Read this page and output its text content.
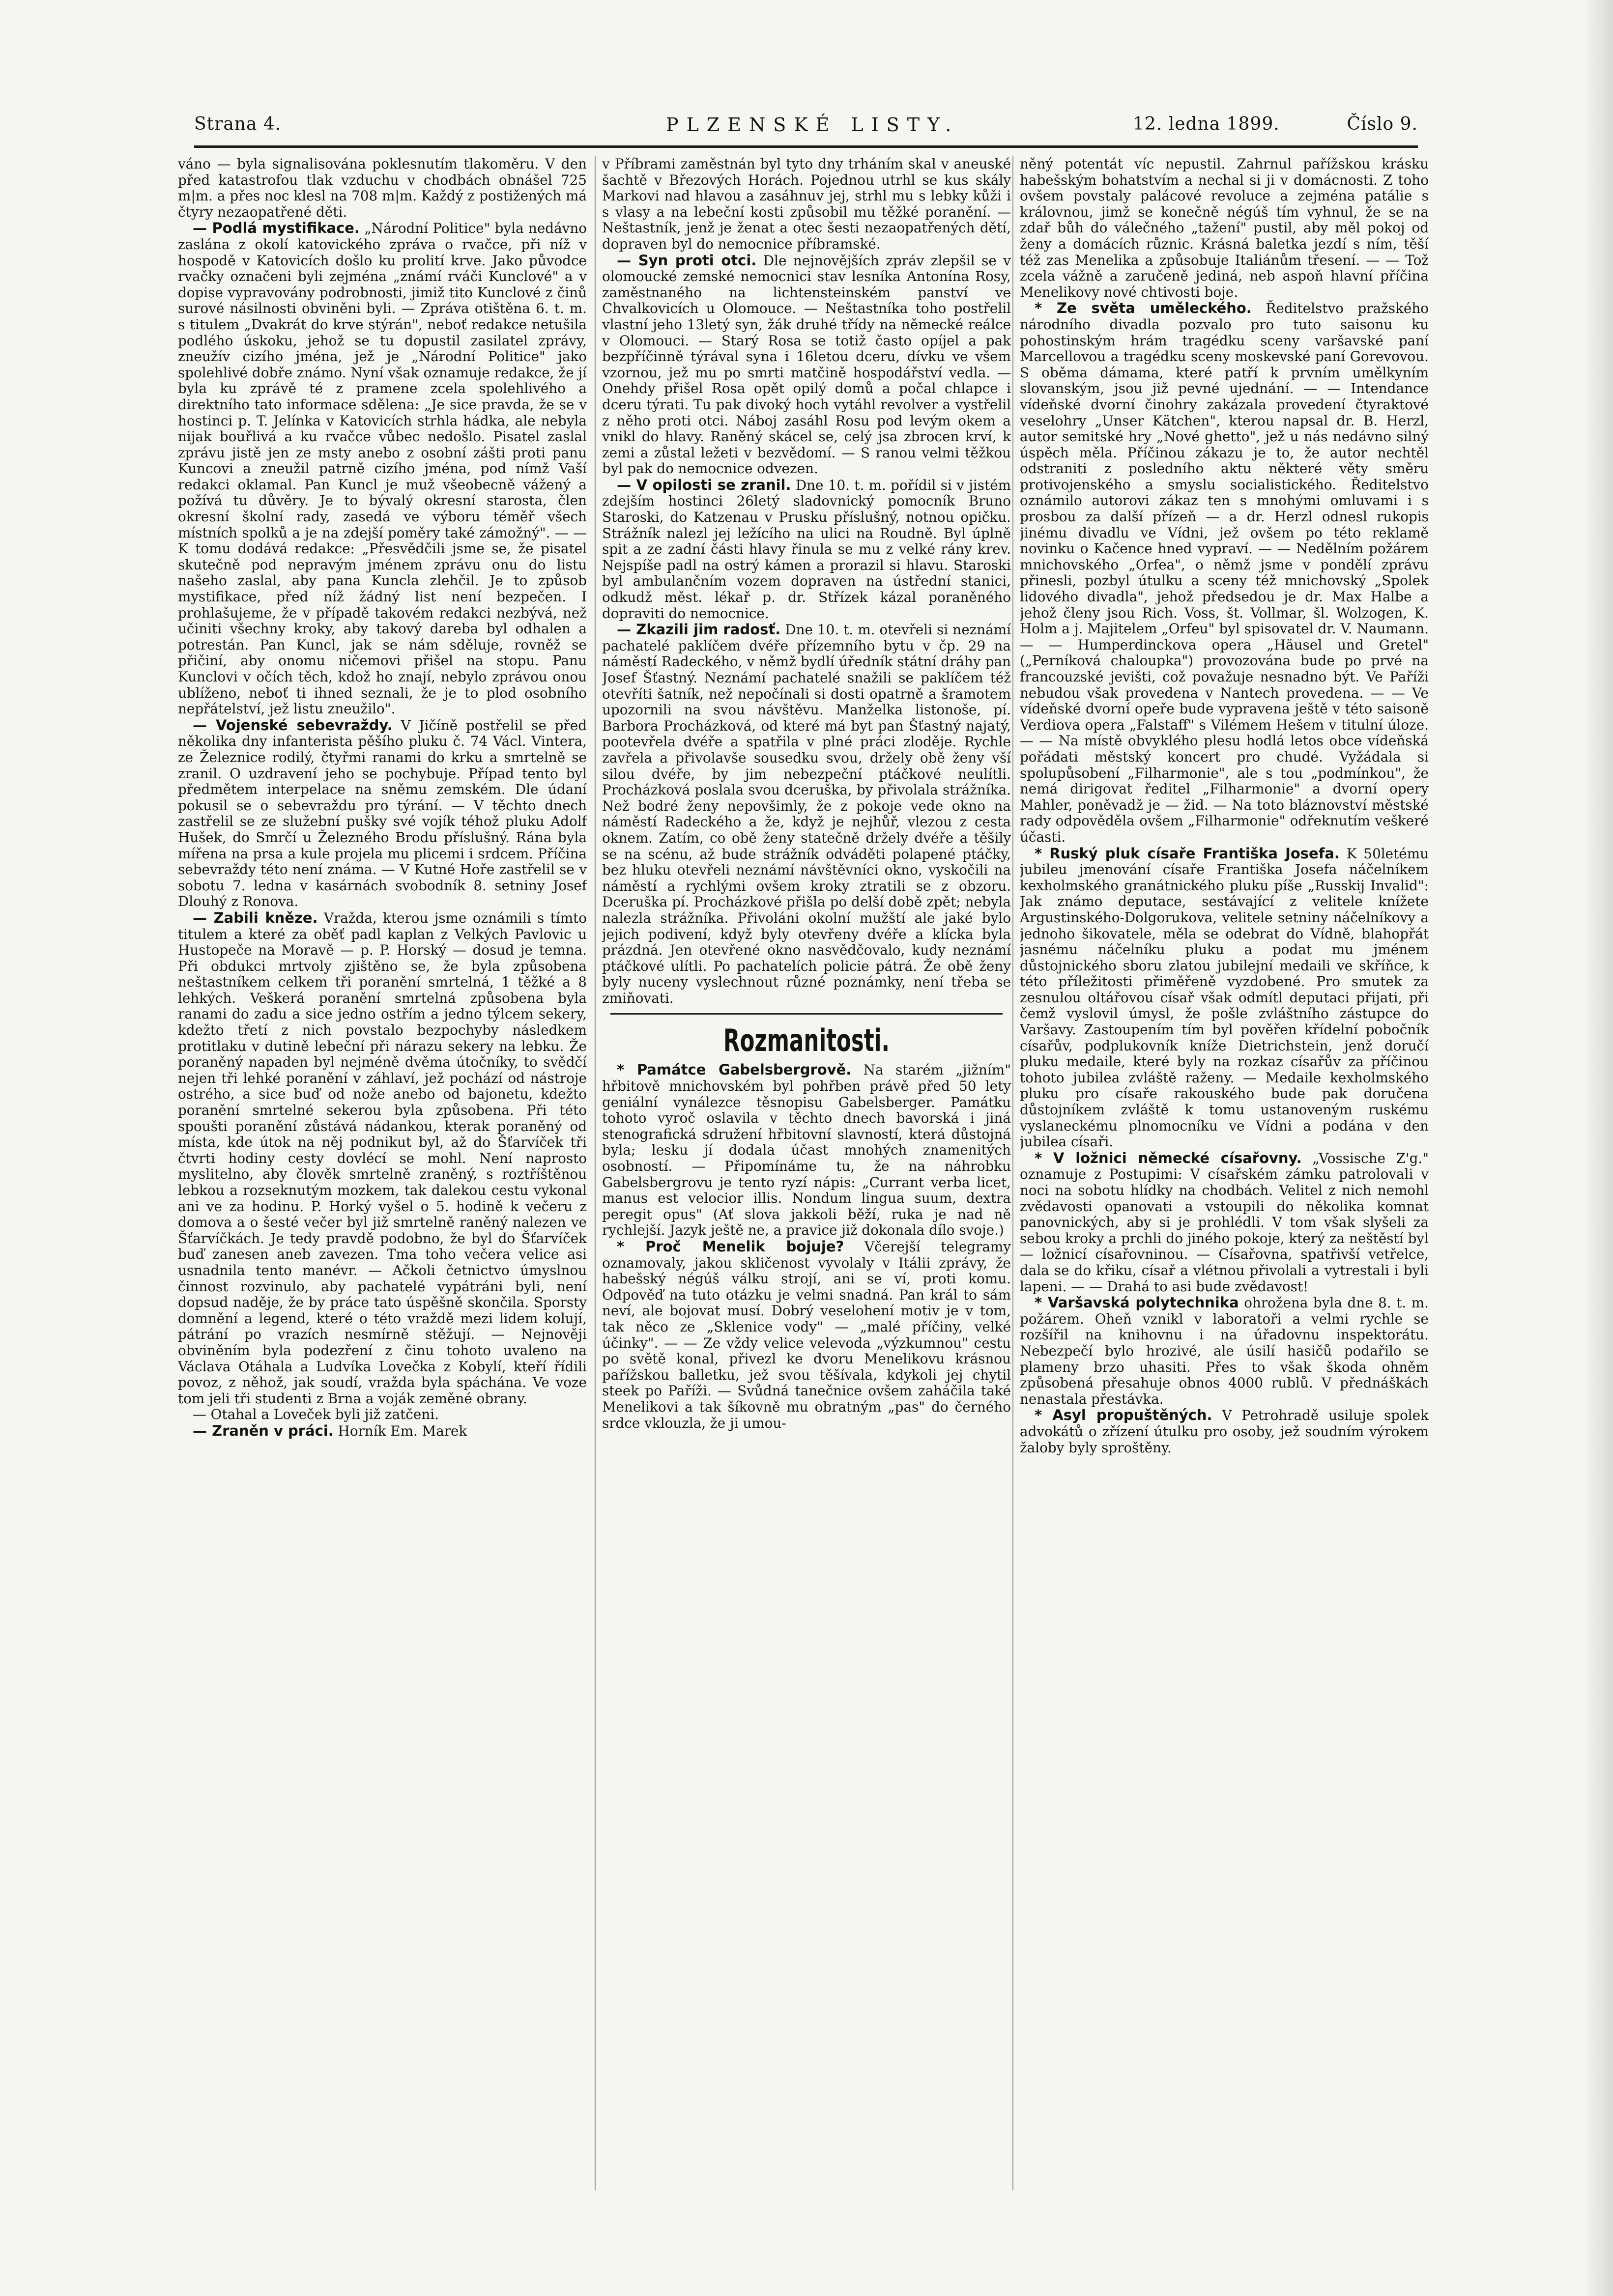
Strana 4.	PLZENSKÉ LISTY.	12. ledna 1899.	Číslo 9.

váno — byla signalisována poklesnutím tlakoměru. V den před katastrofou tlak vzduchu v chodbách obnášel 725 m|m. a přes noc klesl na 708 m|m. Každý z postižených má čtyry nezaopatřené děti.

— Podlá mystifikace. „Národní Politice" byla nedávno zaslána z okolí katovického zpráva o rvačce, při níž v hospodě v Katovicích došlo ku prolití krve. Jako původce rvačky označeni byli zejména „známí rváči Kunclové" a v dopise vypravovány podrobnosti, jimiž tito Kunclové z činů surové násilnosti obviněni byli. — Zpráva otištěna 6. t. m. s titulem „Dvakrát do krve stýrán", neboť redakce netušila podlého úskoku, jehož se tu dopustil zasilatel zprávy, zneužív cizího jména, jež je „Národní Politice" jako spolehlivé dobře známo. Nyní však oznamuje redakce, že jí byla ku zprávě té z pramene zcela spolehlivého a direktního tato informace sdělena: „Je sice pravda, že se v hostinci p. T. Jelínka v Katovicích strhla hádka, ale nebyla nijak bouřlivá a ku rvačce vůbec nedošlo. Pisatel zaslal zprávu jistě jen ze msty anebo z osobní zášti proti panu Kuncovi a zneužil patrně cizího jména, pod nímž Vaší redakci oklamal. Pan Kuncl je muž všeobecně vážený a požívá tu důvěry. Je to bývalý okresní starosta, člen okresní školní rady, zasedá ve výboru téměř všech místních spolků a je na zdejší poměry také zámožný". — — K tomu dodává redakce: „Přesvědčili jsme se, že pisatel skutečně pod nepravým jménem zprávu onu do listu našeho zaslal, aby pana Kuncla zlehčil. Je to způsob mystifikace, před níž žádný list není bezpečen. I prohlašujeme, že v případě takovém redakci nezbývá, než učiniti všechny kroky, aby takový dareba byl odhalen a potrestán. Pan Kuncl, jak se nám sděluje, rovněž se přičiní, aby onomu ničemovi přišel na stopu. Panu Kunclovi v očích těch, kdož ho znají, nebylo zprávou onou ublíženo, neboť ti ihned seznali, že je to plod osobního nepřátelství, jež listu zneužilo".

— Vojenské sebevraždy. V Jičíně postřelil se před několika dny infanterista pěšího pluku č. 74 Václ. Vintera, ze Železnice rodilý, čtyřmi ranami do krku a smrtelně se zranil. O uzdravení jeho se pochybuje. Případ tento byl předmětem interpelace na sněmu zemském. Dle údaní pokusil se o sebevraždu pro týrání. — V těchto dnech zastřelil se ze služební pušky své vojík téhož pluku Adolf Hušek, do Smrčí u Železného Brodu příslušný. Rána byla mířena na prsa a kule projela mu plicemi i srdcem. Příčina sebevraždy této není známa. — V Kutné Hoře zastřelil se v sobotu 7. ledna v kasárnách svobodník 8. setniny Josef Dlouhý z Ronova.

— Zabili kněze. Vražda, kterou jsme oznámili s tímto titulem a které za oběť padl kaplan z Velkých Pavlovic u Hustopeče na Moravě — p. P. Horský — dosud je temna. Při obdukci mrtvoly zjištěno se, že byla způsobena neštastníkem celkem tři poranění smrtelná, 1 těžké a 8 lehkých. Veškerá poranění smrtelná způsobena byla ranami do zadu a sice jedno ostřím a jedno týlcem sekery, kdežto třetí z nich povstalo bezpochyby následkem protitlaku v dutině lebeční při nárazu sekery na lebku. Že poraněný napaden byl nejméně dvěma útočníky, to svědčí nejen tři lehké poranění v záhlaví, jež pochází od nástroje ostrého, a sice buď od nože anebo od bajonetu, kdežto poranění smrtelné sekerou byla způsobena. Při této spoušti poranění zůstává nádankou, kterak poraněný od místa, kde útok na něj podnikut byl, až do Šťarvíček tři čtvrti hodiny cesty dovlécí se mohl. Není naprosto myslitelno, aby člověk smrtelně zraněný, s roztříštěnou lebkou a rozseknutým mozkem, tak dalekou cestu vykonal ani ve za hodinu. P. Horký vyšel o 5. hodině k večeru z domova a o šesté večer byl již smrtelně raněný nalezen ve Šťarvíčkách. Je tedy pravdě podobno, že byl do Šťarvíček buď zanesen aneb zavezen. Tma toho večera velice asi usnadnila tento manévr. — Ačkoli četnictvo úmyslnou činnost rozvinulo, aby pachatelé vypátráni byli, není dopsud naděje, že by práce tato úspěšně skončila. Sporsty domnění a legend, které o této vraždě mezi lidem kolují, pátrání po vrazích nesmírně stěžují. — Nejnověji obviněním byla podezření z činu tohoto uvaleno na Václava Otáhala a Ludvíka Lovečka z Kobylí, kteří řídili povoz, z něhož, jak soudí, vražda byla spáchána. Ve voze tom jeli tři studenti z Brna a voják zeměné obrany.

— Otahal a Loveček byli již zatčeni.

— Zraněn v práci. Horník Em. Marek

v Příbrami zaměstnán byl tyto dny trháním skal v aneuské šachtě v Březových Horách. Pojednou utrhl se kus skály Markovi nad hlavou a zasáhnuv jej, strhl mu s lebky kůži i s vlasy a na lebeční kosti způsobil mu těžké poranění. — Neštastník, jenž je ženat a otec šesti nezaopatřených dětí, dopraven byl do nemocnice příbramské.

— Syn proti otci. Dle nejnovějších zpráv zlepšil se v olomoucké zemské nemocnici stav lesníka Antonína Rosy, zaměstnaného na lichtensteinském panství ve Chvalkovicích u Olomouce. — Neštastníka toho postřelil vlastní jeho 13letý syn, žák druhé třídy na německé reálce v Olomouci. — Starý Rosa se totiž často opíjel a pak bezpříčinně týrával syna i 16letou dceru, dívku ve všem vzornou, jež mu po smrti matčině hospodářství vedla. — Onehdy přišel Rosa opět opilý domů a počal chlapce i dceru týrati. Tu pak divoký hoch vytáhl revolver a vystřelil z něho proti otci. Náboj zasáhl Rosu pod levým okem a vnikl do hlavy. Raněný skácel se, celý jsa zbrocen krví, k zemi a zůstal ležeti v bezvědomí. — S ranou velmi těžkou byl pak do nemocnice odvezen.

— V opilosti se zranil. Dne 10. t. m. pořídil si v jistém zdejším hostinci 26letý sladovnický pomocník Bruno Staroski, do Katzenau v Prusku příslušný, notnou opičku. Strážník nalezl jej ležícího na ulici na Roudně. Byl úplně spit a ze zadní části hlavy řinula se mu z velké rány krev. Nejspíše padl na ostrý kámen a prorazil si hlavu. Staroski byl ambulančním vozem dopraven na ústřední stanici, odkudž měst. lékař p. dr. Střízek kázal poraněného dopraviti do nemocnice.

— Zkazili jim radosť. Dne 10. t. m. otevřeli si neznámí pachatelé paklíčem dvéře přízemního bytu v čp. 29 na náměstí Radeckého, v němž bydlí úředník státní dráhy pan Josef Šťastný. Neznámí pachatelé snažili se paklíčem též otevříti šatník, než nepočínali si dosti opatrně a šramotem upozornili na svou návštěvu. Manželka listonoše, pí. Barbora Procházková, od které má byt pan Šťastný najatý, pootevřela dvéře a spatřila v plné práci zloděje. Rychle zavřela a přivolavše sousedku svou, držely obě ženy vší silou dvéře, by jim nebezpeční ptáčkové neulítli. Procházková poslala svou dceruška, by přivolala strážníka. Než bodré ženy nepovšimly, že z pokoje vede okno na náměstí Radeckého a že, když je nejhůř, vlezou z cesta oknem. Zatím, co obě ženy statečně držely dvéře a těšily se na scénu, až bude strážník odváděti polapené ptáčky, bez hluku otevřeli neznámí návštěvníci okno, vyskočili na náměstí a rychlými ovšem kroky ztratili se z obzoru. Dceruška pí. Procházkové přišla po delší době zpět; nebyla nalezla strážníka. Přivoláni okolní mužští ale jaké bylo jejich podivení, když byly otevřeny dvéře a klícka byla prázdná. Jen otevřené okno nasvědčovalo, kudy neznámí ptáčkové ulítli. Po pachatelích policie pátrá. Že obě ženy byly nuceny vyslechnout různé poznámky, není třeba se zmiňovati.

Rozmanitosti.

* Památce Gabelsbergrově. Na starém „jižním" hřbitově mnichovském byl pohřben právě před 50 lety geniální vynálezce těsnopisu Gabelsberger. Památku tohoto vyroč oslavila v těchto dnech bavorská i jiná stenografická sdružení hřbitovní slavností, která důstojná byla; lesku jí dodala účast mnohých znamenitých osobností. — Připomínáme tu, že na náhrobku Gabelsbergrovu je tento ryzí nápis: „Currant verba licet, manus est velocior illis. Nondum lingua suum, dextra peregit opus" (Ať slova jakkoli běží, ruka je nad ně rychlejší. Jazyk ještě ne, a pravice již dokonala dílo svoje.)

* Proč Menelik bojuje? Včerejší telegramy oznamovaly, jakou skličenost vyvolaly v Itálii zprávy, že habešský négúš válku strojí, ani se ví, proti komu. Odpověď na tuto otázku je velmi snadná. Pan král to sám neví, ale bojovat musí. Dobrý veselohení motiv je v tom, tak něco ze „Sklenice vody" — „malé příčiny, velké účinky". — — Ze vždy velice velevoda „výzkumnou" cestu po světě konal, přivezl ke dvoru Menelikovu krásnou pařížskou balletku, jež svou těšívala, kdykoli jej chytil steek po Paříži. — Svůdná tanečnice ovšem zaháčila také Menelikovi a tak šíkovně mu obratným „pas" do černého srdce vklouzla, že ji umou-

něný potentát víc nepustil. Zahrnul pařížskou krásku habešským bohatstvím a nechal si ji v domácnosti. Z toho ovšem povstaly palácové revoluce a zejména patálie s královnou, jimž se konečně négúš tím vyhnul, že se na zdař bůh do válečného „tažení" pustil, aby měl pokoj od ženy a domácích různic. Krásná baletka jezdí s ním, těší též zas Menelika a způsobuje Italiánům třesení. — — Tož zcela vážně a zaručeně jediná, neb aspoň hlavní příčina Menelikovy nové chtivosti boje.

* Ze světa uměleckého. Ředitelstvo pražského národního divadla pozvalo pro tuto saisonu ku pohostinským hrám tragédku sceny varšavské paní Marcellovou a tragédku sceny moskevské paní Gorevovou. S oběma dámama, které patří k prvním umělkyním slovanským, jsou již pevné ujednání. — — Intendance vídeňské dvorní činohry zakázala provedení čtyraktové veselohry „Unser Kätchen", kterou napsal dr. B. Herzl, autor semitské hry „Nové ghetto", jež u nás nedávno silný úspěch měla. Příčinou zákazu je to, že autor nechtěl odstraniti z posledního aktu některé věty směru protivojenského a smyslu socialistického. Ředitelstvo oznámilo autorovi zákaz ten s mnohými omluvami i s prosbou za další přízeň — a dr. Herzl odnesl rukopis jinému divadlu ve Vídni, jež ovšem po této reklamě novinku o Kačence hned vypraví. — — Nedělním požárem mnichovského „Orfea", o němž jsme v pondělí zprávu přinesli, pozbyl útulku a sceny též mnichovský „Spolek lidového divadla", jehož předsedou je dr. Max Halbe a jehož členy jsou Rich. Voss, št. Vollmar, šl. Wolzogen, K. Holm a j. Majitelem „Orfeu" byl spisovatel dr. V. Naumann. — — Humperdinckova opera „Häusel und Gretel" („Perníková chaloupka") provozována bude po prvé na francouzské jevišti, což považuje nesnadno být. Ve Paříži nebudou však provedena v Nantech provedena. — — Ve vídeňské dvorní opeře bude vypravena ještě v této saisoně Verdiova opera „Falstaff" s Vilémem Hešem v titulní úloze. — — Na místě obvyklého plesu hodlá letos obce vídeňská pořádati městský koncert pro chudé. Vyžádala si spolupůsobení „Filharmonie", ale s tou „podmínkou", že nemá dirigovat ředitel „Filharmonie" a dvorní opery Mahler, poněvadž je — žid. — Na toto bláznovství městské rady odpověděla ovšem „Filharmonie" odřeknutím veškeré účasti.

* Ruský pluk císaře Františka Josefa. K 50letému jubileu jmenování císaře Františka Josefa náčelníkem kexholmského granátnického pluku píše „Russkij Invalid": Jak známo deputace, sestávající z velitele knížete Argustinského-Dolgorukova, velitele setniny náčelníkovy a jednoho šikovatele, měla se odebrat do Vídně, blahopřát jasnému náčelníku pluku a podat mu jménem důstojnického sboru zlatou jubilejní medaili ve skříňce, k této příležitosti přiměřeně vyzdobené. Pro smutek za zesnulou oltářovou císař však odmítl deputaci přijati, při čemž vyslovil úmysl, že pošle zvláštního zástupce do Varšavy. Zastoupením tím byl pověřen křídelní pobočník císařův, podplukovník kníže Dietrichstein, jenž doručí pluku medaile, které byly na rozkaz císařův za příčinou tohoto jubilea zvláště raženy. — Medaile kexholmského pluku pro císaře rakouského bude pak doručena důstojníkem zvláště k tomu ustanoveným ruskému vyslaneckému plnomocníku ve Vídni a podána v den jubilea císaři.

* V ložnici německé císařovny. „Vossische Z'g." oznamuje z Postupimi: V císařském zámku patrolovali v noci na sobotu hlídky na chodbách. Velitel z nich nemohl zvědavosti opanovati a vstoupili do několika komnat panovnických, aby si je prohlédli. V tom však slyšeli za sebou kroky a prchli do jiného pokoje, který za neštěstí byl — ložnicí císařovninou. — Císařovna, spatřivší vetřelce, dala se do křiku, císař a vlétnou přivolali a vytrestali i byli lapeni. — — Drahá to asi bude zvědavost!

* Varšavská polytechnika ohrožena byla dne 8. t. m. požárem. Oheň vznikl v laboratoři a velmi rychle se rozšířil na knihovnu i na úřadovnu inspektorátu. Nebezpečí bylo hrozivé, ale úsilí hasičů podařilo se plameny brzo uhasiti. Přes to však škoda ohněm způsobená přesahuje obnos 4000 rublů. V přednáškách nenastala přestávka.

* Asyl propuštěných. V Petrohradě usiluje spolek advokátů o zřízení útulku pro osoby, jež soudním výrokem žaloby byly sproštěny.
